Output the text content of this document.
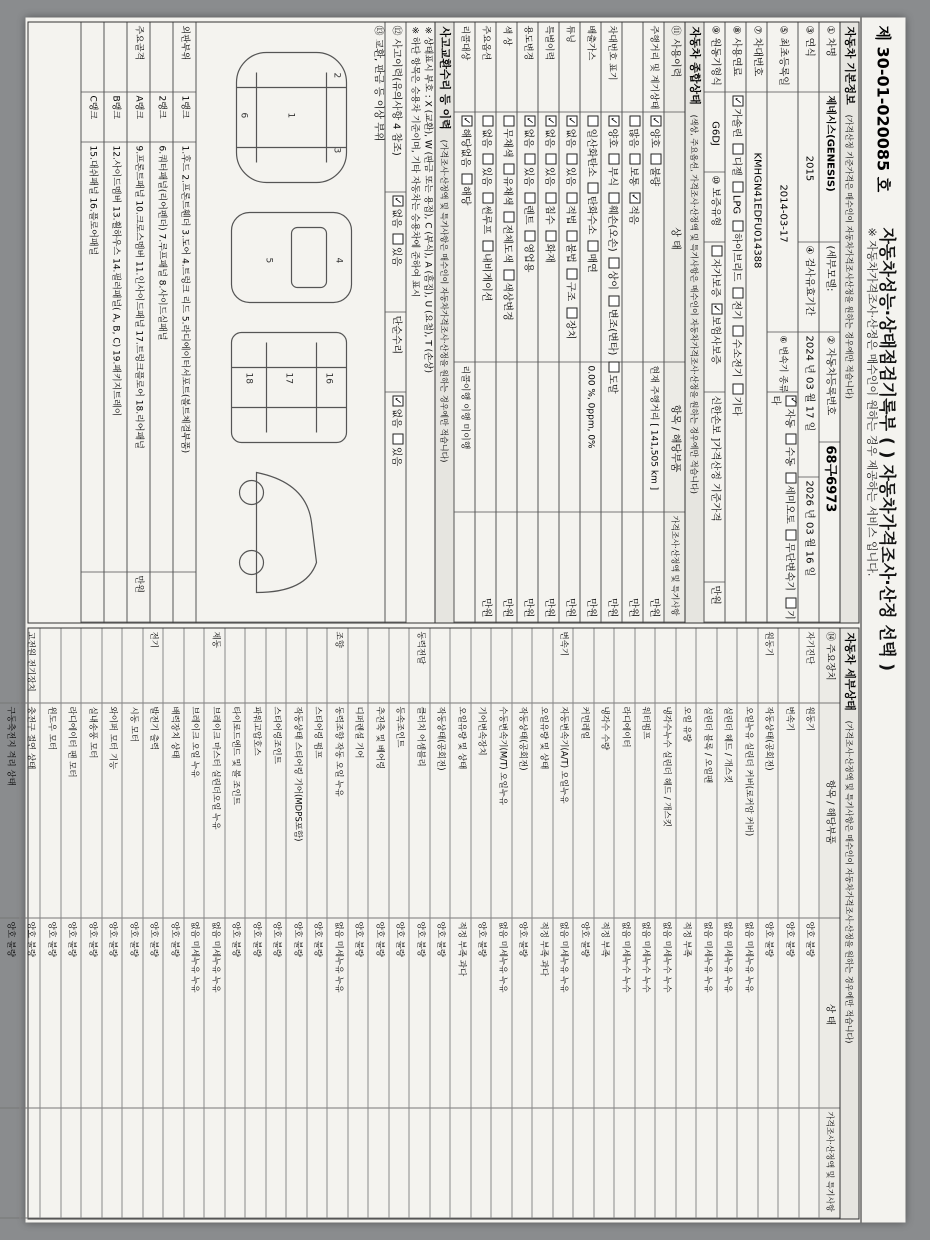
제 30-01-020085 호
자동차성능·상태점검기록부 ( ) 자동차가격조사·산정 선택 )
※ 자동차가격조사·산정은 매수인이 원하는 경우 제공하는 서비스 입니다.
자동차 기본정보 (가격산정 기준가격은 매수인이 자동차가격조사산정을 원하는 경우에만 적습니다)
① 차명
제네시스(GENESIS)
(세부모델:
② 자동차등록번호
68구6973
③ 연식
2015
④ 검사유효기간
2024 년 03 월 17 일
2026 년 03 월 16 일
⑤ 최초등록일
2014-03-17
⑥ 변속기 종류
✓자동수동세미오토무단변속기기타
⑦ 차대번호
KMHGN41EDFU014388
⑧ 사용연료
✓가솔린디젤LPG하이브리드전기수소전기기타
⑨ 원동기형식
G6DJ
⑩ 보증유형
자가보증✓보험사보증
신한손보 ]가격산정 기준가격
만원
자동차 종합상태 (색상, 주요옵션, 가격조사·산정액 및 특기사항은 매수인이 자동차가격조사·산정을 원하는 경우에만 적습니다)
⑪ 사용이력
상 태
항목 / 해당부품
가격조사·산정액 및 특기사항
주행거리 및 계기상태
✓양호불량
현재 주행거리 [ 141,505 km ]
만원
많음보통✓적음
만원
차대번호 표기
✓양호부식훼손(오손)상이변조(변타)도말
만원
배출가스
일산화탄소탄화수소매연
0.00 %, 0ppm, 0%
만원
튜닝
✓없음있음적법불법구조장치
만원
특별이력
✓없음있음침수화재
만원
용도변경
✓없음있음렌트영업용
만원
색 상
무채색유채색전체도색색상변경
만원
주요옵션
없음있음썬루프내비게이션
만원
리콜대상
✓해당없음해당
리콜이행 이행 미이행
사고교환수리 등 이력 (가격조사·산정액 및 특기사항은 매수인이 자동차가격조사·산정을 원하는 경우에만 적습니다)
※ 상태표시 부호 : X (교환), W (판금 또는 용접), C (부식), A (흠집), U (요철), T (손상)
※ 하단 항목은 승용차 기준이며, 기타 자동차는 승용차에 준하여 표시
⑫ 사고이력(유의사항 4 참조)
✓없음있음
단순수리
✓없음있음
⑬ 교환, 판금 등 이상 부위
1
2
3
4
5
6
16
17
18
외판부위
1랭크
1.후드 2.프론트휀더 3.도어 4.트렁크 리드 5.라디에이터서포트(볼트체결부품)
2랭크
6.쿼터패널(리어펜더) 7.루프패널 8.사이드실패널
주요골격
A랭크
9.프론트패널 10.크로스멤버 11.인사이드패널 17.트렁크플로어 18.리어패널
만원
B랭크
12.사이드멤버 13.휠하우스 14.필러패널( A, B, C) 19.패키지트레이
C랭크
15.대쉬패널 16.플로어패널
자동차 세부상태 (가격조사·산정액 및 특기사항은 매수인이 자동차가격조사·산정을 원하는 경우에만 적습니다)
⑭ 주요장치
항목 / 해당부품
상 태
가격조사·산정액 및 특기사항
자기진단
원동기
양호 불량
변속기
양호 불량
원동기
작동상태(공회전)
양호 불량
오일누유 실린더 커버(로커암 커버)
없음 미세누유 누유
실린더 헤드 / 개스킷
없음 미세누유 누유
실린더 블록 / 오일팬
없음 미세누유 누유
오일 유량
적정 부족
냉각수누수 실린더 헤드 / 개스킷
없음 미세누수 누수
워터펌프
없음 미세누수 누수
라디에이터
없음 미세누수 누수
냉각수 수량
적정 부족
커먼레일
양호 불량
변속기
자동변속기(A/T) 오일누유
없음 미세누유 누유
오일유량 및 상태
적정 부족 과다
작동상태(공회전)
양호 불량
수동변속기(M/T) 오일누유
없음 미세누유 누유
기어변속장치
양호 불량
오일유량 및 상태
적정 부족 과다
작동상태(공회전)
양호 불량
동력전달
클러치 어셈블리
양호 불량
등속조인트
양호 불량
추진축 및 베어링
양호 불량
디퍼렌셜 기어
양호 불량
조향
동력조향 작동 오일 누유
없음 미세누유 누유
스티어링 펌프
양호 불량
작동상태 스티어링 기어(MDPS포함)
양호 불량
스티어링조인트
양호 불량
파워고압호스
양호 불량
타이로드엔드 및 볼 조인트
양호 불량
제동
브레이크 마스터 실린더오일 누유
없음 미세누유 누유
브레이크 오일 누유
없음 미세누유 누유
배력장치 상태
양호 불량
전기
발전기 출력
양호 불량
시동 모터
양호 불량
와이퍼 모터 기능
양호 불량
실내송풍 모터
양호 불량
라디에이터 팬 모터
양호 불량
윈도우 모터
양호 불량
고전원 전기장치
충전구 절연 상태
양호 불량
구동축전지 격리 상태
양호 불량
